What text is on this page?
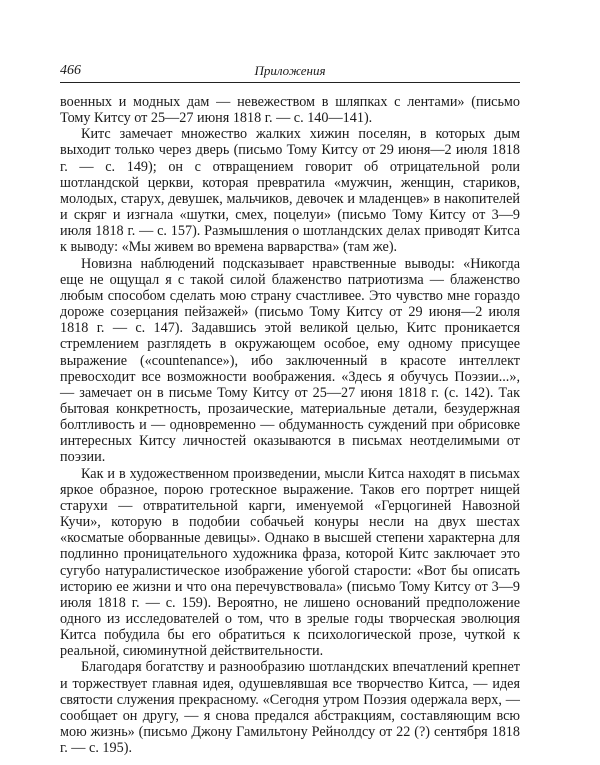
466	Приложения

военных и модных дам — невежеством в шляпках с лентами» (письмо Тому Китсу от 25—27 июня 1818 г. — с. 140—141).

Китс замечает множество жалких хижин поселян, в которых дым выходит только через дверь (письмо Тому Китсу от 29 июня—2 июля 1818 г. — с. 149); он с отвращением говорит об отрицательной роли шотландской церкви, которая превратила «мужчин, женщин, стариков, молодых, старух, девушек, мальчиков, девочек и младенцев» в накопителей и скряг и изгнала «шутки, смех, поцелуи» (письмо Тому Китсу от 3—9 июля 1818 г. — с. 157). Размышления о шотландских делах приводят Китса к выводу: «Мы живем во времена варварства» (там же).

Новизна наблюдений подсказывает нравственные выводы: «Никогда еще не ощущал я с такой силой блаженство патриотизма — блаженство любым способом сделать мою страну счастливее. Это чувство мне гораздо дороже созерцания пейзажей» (письмо Тому Китсу от 29 июня—2 июля 1818 г. — с. 147). Задавшись этой великой целью, Китс проникается стремлением разглядеть в окружающем особое, ему одному присущее выражение («countenance»), ибо заключенный в красоте интеллект превосходит все возможности воображения. «Здесь я обучусь Поэзии...», — замечает он в письме Тому Китсу от 25—27 июня 1818 г. (с. 142). Так бытовая конкретность, прозаические, материальные детали, безудержная болтливость и — одновременно — обдуманность суждений при обрисовке интересных Китсу личностей оказываются в письмах неотделимыми от поэзии.

Как и в художественном произведении, мысли Китса находят в письмах яркое образное, порою гротескное выражение. Таков его портрет нищей старухи — отвратительной карги, именуемой «Герцогиней Навозной Кучи», которую в подобии собачьей конуры несли на двух шестах «косматые оборванные девицы». Однако в высшей степени характерна для подлинно проницательного художника фраза, которой Китс заключает это сугубо натуралистическое изображение убогой старости: «Вот бы описать историю ее жизни и что она перечувствовала» (письмо Тому Китсу от 3—9 июля 1818 г. — с. 159). Вероятно, не лишено оснований предположение одного из исследователей о том, что в зрелые годы творческая эволюция Китса побудила бы его обратиться к психологической прозе, чуткой к реальной, сиюминутной действительности.

Благодаря богатству и разнообразию шотландских впечатлений крепнет и торжествует главная идея, одушевлявшая все творчество Китса, — идея святости служения прекрасному. «Сегодня утром Поэзия одержала верх, — сообщает он другу, — я снова предался абстракциям, составляющим всю мою жизнь» (письмо Джону Гамильтону Рейнолдсу от 22 (?) сентября 1818 г. — с. 195).
